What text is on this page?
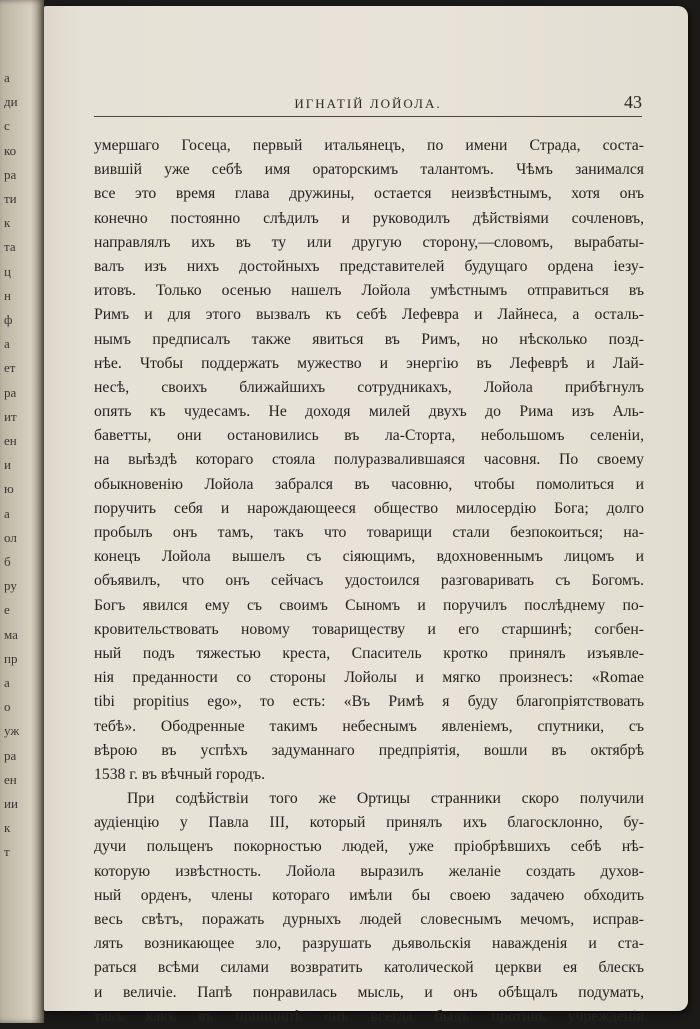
а
ди
с
ко
ра
ти
к
та
ц
н
ф
а
ет
ра
ит
ен
и
ю
а
ол
б
ру
е
ма
пр
а
о
уж
ра
ен
ии
к
т
ИГНАТІЙ ЛОЙОЛА.	43
умершаго Госеца, первый итальянецъ, по имени Страда, соста-
вившій уже себѣ имя ораторскимъ талантомъ. Чѣмъ занимался
все это время глава дружины, остается неизвѣстнымъ, хотя онъ
конечно постоянно слѣдилъ и руководилъ дѣйствіями сочленовъ,
направлялъ ихъ въ ту или другую сторону,—словомъ, вырабаты-
валъ изъ нихъ достойныхъ представителей будущаго ордена іезу-
итовъ. Только осенью нашелъ Лойола умѣстнымъ отправиться въ
Римъ и для этого вызвалъ къ себѣ Лефевра и Лайнеса, а осталь-
нымъ предписалъ также явиться въ Римъ, но нѣсколько позд-
нѣе. Чтобы поддержать мужество и энергію въ Лефеврѣ и Лай-
несѣ, своихъ ближайшихъ сотрудникахъ, Лойола прибѣгнулъ
опять къ чудесамъ. Не доходя милей двухъ до Рима изъ Аль-
баветты, они остановились въ ла-Сторта, небольшомъ селеніи,
на выѣздѣ котораго стояла полуразвалившаяся часовня. По своему
обыкновенію Лойола забрался въ часовню, чтобы помолиться и
поручить себя и нарождающееся общество милосердію Бога; долго
пробылъ онъ тамъ, такъ что товарищи стали безпокоиться; на-
конецъ Лойола вышелъ съ сіяющимъ, вдохновеннымъ лицомъ и
объявилъ, что онъ сейчасъ удостоился разговаривать съ Богомъ.
Богъ явился ему съ своимъ Сыномъ и поручилъ послѣднему по-
кровительствовать новому товариществу и его старшинѣ; согбен-
ный подъ тяжестью креста, Спаситель кротко принялъ изъявле-
нія преданности со стороны Лойолы и мягко произнесъ: «Romae
tibi propitius ego», то есть: «Въ Римѣ я буду благопріятствовать
тебѣ». Ободренные такимъ небеснымъ явленіемъ, спутники, съ
вѣрою въ успѣхъ задуманнаго предпріятія, вошли въ октябрѣ
1538 г. въ вѣчный городъ.
При содѣйствіи того же Ортицы странники скоро получили
аудіенцію у Павла III, который принялъ ихъ благосклонно, бу-
дучи польщенъ покорностью людей, уже пріобрѣвшихъ себѣ нѣ-
которую извѣстность. Лойола выразилъ желаніе создать духов-
ный орденъ, члены котораго имѣли бы своею задачею обходить
весь свѣтъ, поражать дурныхъ людей словеснымъ мечомъ, исправ-
лять возникающее зло, разрушать дьявольскія наважденія и ста-
раться всѣми силами возвратить католической церкви ея блескъ
и величіе. Папѣ понравилась мысль, и онъ обѣщалъ подумать,
такъ какъ въ принципѣ онъ всегда былъ противъ учрежденія
